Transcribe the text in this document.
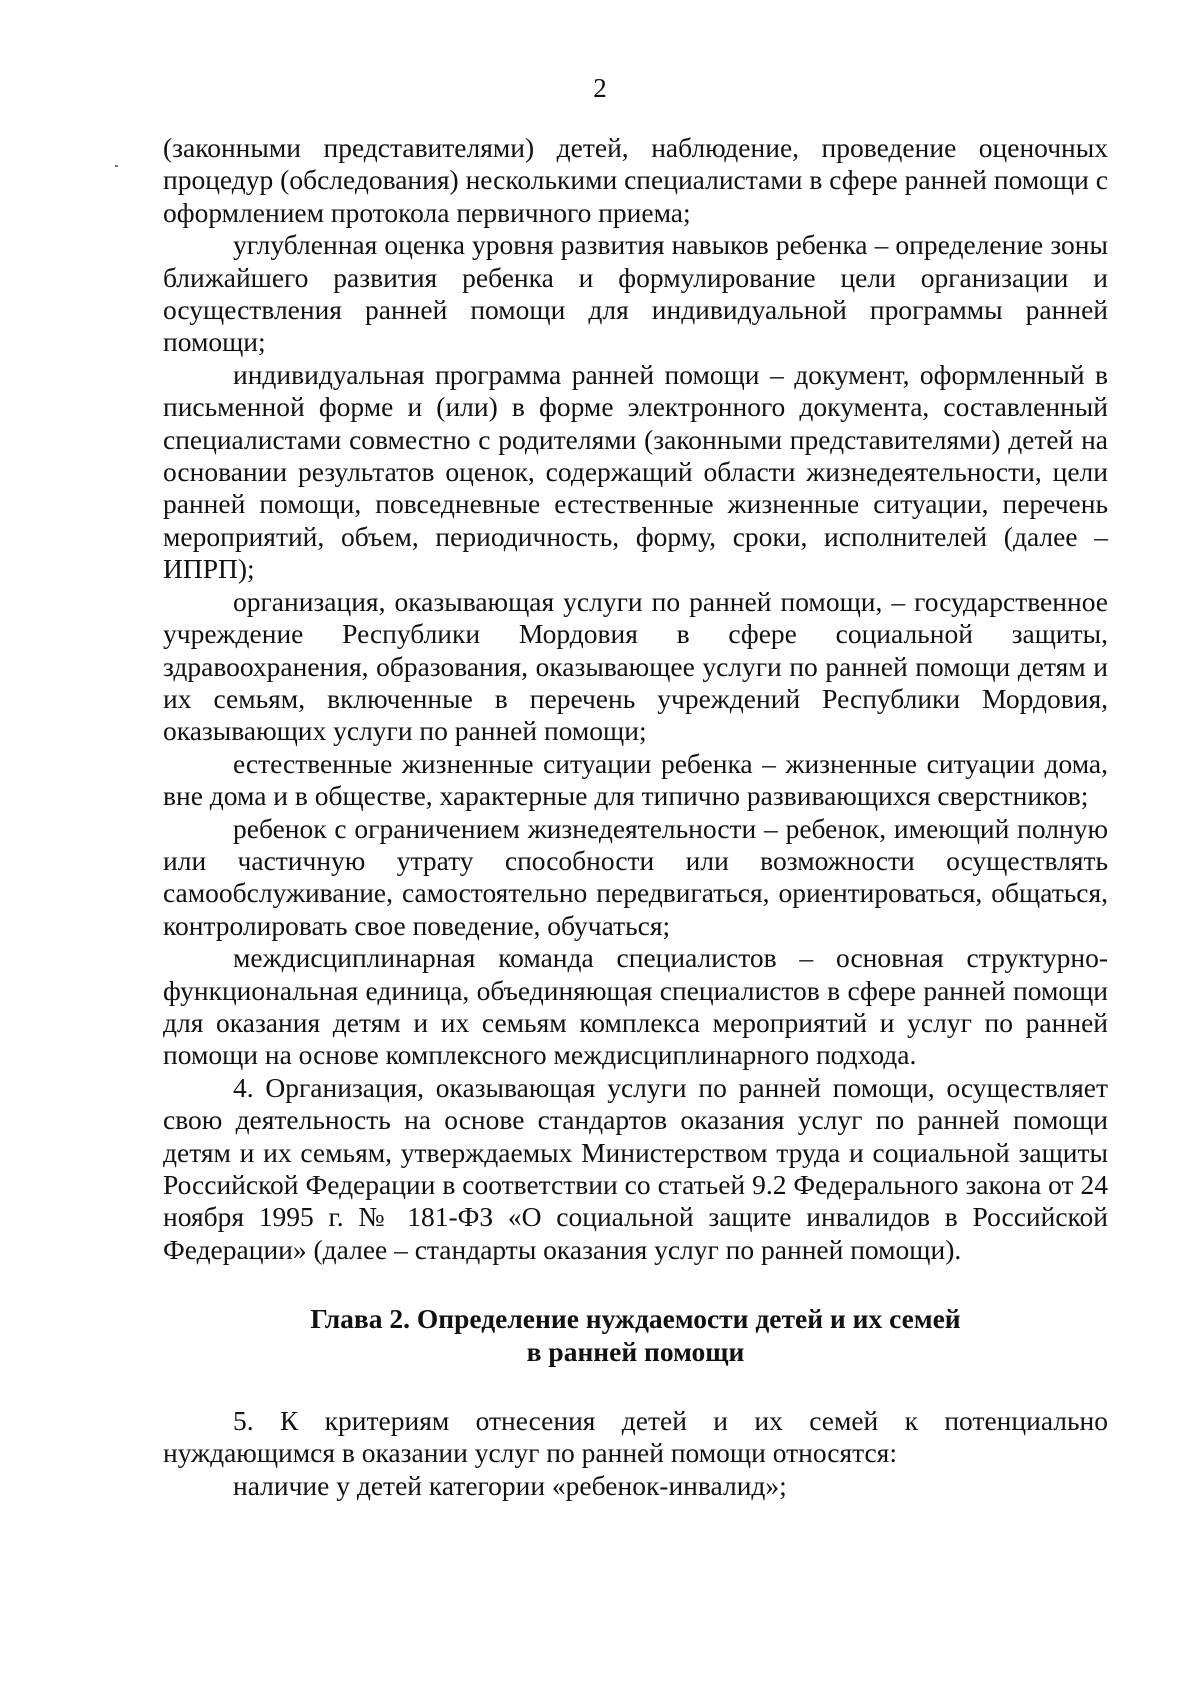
2

(законными представителями) детей, наблюдение, проведение оценочных процедур (обследования) несколькими специалистами в сфере ранней помощи с оформлением протокола первичного приема;

углубленная оценка уровня развития навыков ребенка – определение зоны ближайшего развития ребенка и формулирование цели организации и осуществления ранней помощи для индивидуальной программы ранней помощи;

индивидуальная программа ранней помощи – документ, оформленный в письменной форме и (или) в форме электронного документа, составленный специалистами совместно с родителями (законными представителями) детей на основании результатов оценок, содержащий области жизнедеятельности, цели ранней помощи, повседневные естественные жизненные ситуации, перечень мероприятий, объем, периодичность, форму, сроки, исполнителей (далее – ИПРП);

организация, оказывающая услуги по ранней помощи, – государственное учреждение Республики Мордовия в сфере социальной защиты, здравоохранения, образования, оказывающее услуги по ранней помощи детям и их семьям, включенные в перечень учреждений Республики Мордовия, оказывающих услуги по ранней помощи;

естественные жизненные ситуации ребенка – жизненные ситуации дома, вне дома и в обществе, характерные для типично развивающихся сверстников;

ребенок с ограничением жизнедеятельности – ребенок, имеющий полную или частичную утрату способности или возможности осуществлять самообслуживание, самостоятельно передвигаться, ориентироваться, общаться, контролировать свое поведение, обучаться;

междисциплинарная команда специалистов – основная структурно-функциональная единица, объединяющая специалистов в сфере ранней помощи для оказания детям и их семьям комплекса мероприятий и услуг по ранней помощи на основе комплексного междисциплинарного подхода.

4. Организация, оказывающая услуги по ранней помощи, осуществляет свою деятельность на основе стандартов оказания услуг по ранней помощи детям и их семьям, утверждаемых Министерством труда и социальной защиты Российской Федерации в соответствии со статьей 9.2 Федерального закона от 24 ноября 1995 г. № 181-ФЗ «О социальной защите инвалидов в Российской Федерации» (далее – стандарты оказания услуг по ранней помощи).

Глава 2. Определение нуждаемости детей и их семей
в ранней помощи

5. К критериям отнесения детей и их семей к потенциально нуждающимся в оказании услуг по ранней помощи относятся:

наличие у детей категории «ребенок-инвалид»;
